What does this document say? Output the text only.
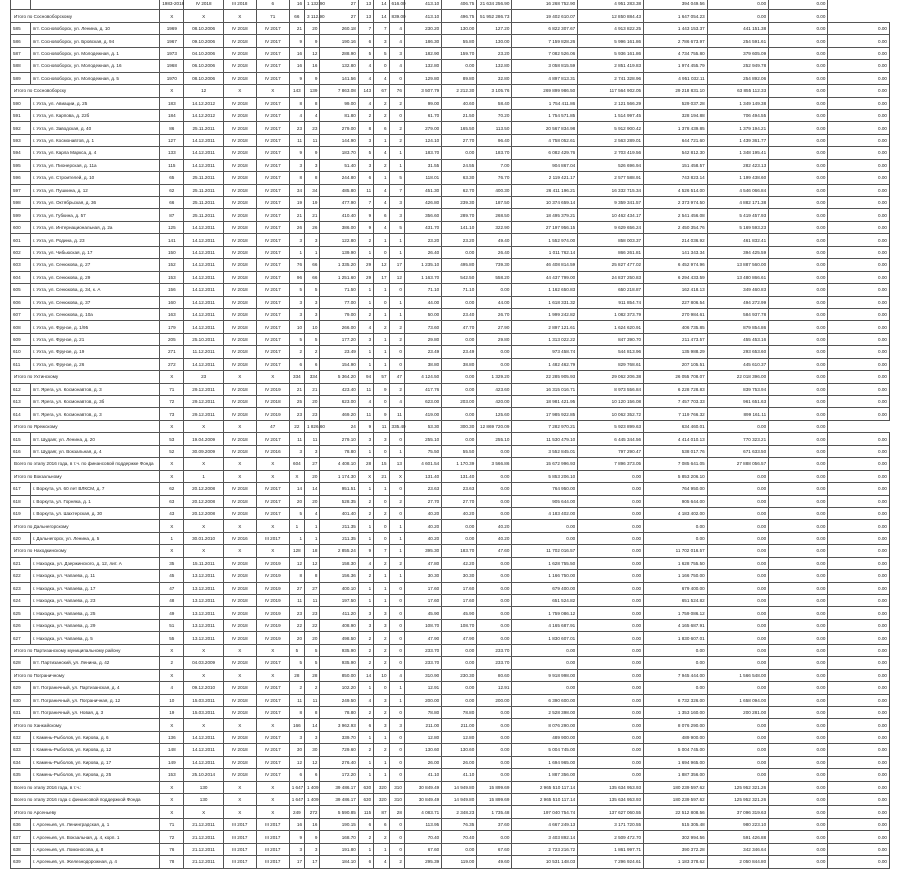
		1983-2018	IV 2018	III 2018	6	16	1 132.90	27	13	14	616.00	413.10	406.75	21 634 256.90	16 268 752.90	4 951 283.38	394 049.56	0.00	0.00	
Итого по Сосновоборскому		X	X	X	71	66	3 112.90	27	13	14	839.00	413.10	496.75	51 952 286.73	19 402 610.07	12 850 884.43	1 647 054.23	0.00	0.00	
585	пгт. Сосновоборск, ул. Ленина, д. 10	1969	08.10.2006	IV 2018	IV 2017	21	20	260.18	7	7	4	230.20	130.00	127.20	6 822 307.67	4 913 822.25	1 443 153.37	441 151.38	0.00	0.00
586	пгт. Сосновоборск, ул. Бровская, д. 94	1967	09.10.2006	IV 2018	IV 2017	9	9	190.16	6	3	4	186.30	55.80	130.00	7 159 828.26	5 996 161.86	2 786 673.97	254 591.61	0.00	0.00
587	пгт. Сосновоборск, ул. Молодежная, д. 1	1973	04.10.2006	IV 2018	IV 2017	16	12	288.90	5	5	3	182.90	159.70	23.20	7 082 526.06	5 936 161.86	4 734 755.80	379 605.09	0.00	0.00
588	пгт. Сосновоборск, ул. Молодежная, д. 16	1968	06.10.2006	IV 2018	IV 2017	16	16	132.80	4	0	4	132.80	0.00	132.80	3 058 815.59	2 851 419.83	1 974 455.79	252 949.78	0.00	0.00
589	пгт. Сосновоборск, ул. Молодежная, д. 5	1970	08.10.2006	IV 2018	IV 2017	9	9	141.56	4	4	0	129.80	89.80	32.80	4 897 813.31	2 741 328.96	4 951 032.11	254 892.06	0.00	0.00
Итого по Сосновоборску		X	12	X	X	143	139	7 863.08	143	67	76	3 507.79	2 212.30	3 105.76	269 899 986.50	117 564 902.05	29 218 831.10	63 855 112.33	0.00	0.00
590	г. Ухта, ул. Авиации, д. 25	183	14.12.2012	IV 2018	IV 2017	8	8	99.00	4	2	2	99.00	40.60	58.40	1 754 411.86	2 121 566.29	529 037.28	1 349 149.38	0.00	0.00
591	г. Ухта, ул. Карпова, д. 22б	184	14.12.2012	IV 2018	IV 2017	4	4	81.80	2	2	0	61.70	21.50	70.20	1 754 571.85	1 514 997.45	328 194.88	706 494.55	0.00	0.00
592	г. Ухта, ул. Заводская, д. 40	86	25.11.2011	IV 2018	IV 2017	23	23	279.00	8	6	2	279.00	165.50	113.50	20 567 834.98	5 912 900.42	1 378 439.85	1 379 194.21	0.00	0.00
593	г. Ухта, ул. Космонавтов, д. 1	127	14.12.2011	IV 2018	IV 2017	11	11	144.90	3	1	2	124.10	27.70	96.40	4 758 052.61	2 563 289.01	644 721.60	1 439 361.77	0.00	0.00
594	г. Ухта, ул. Карла Маркса, д. 4	133	14.12.2011	IV 2018	IV 2017	9	9	183.70	5	4	1	183.70	0.00	183.70	6 082 429.76	2 703 419.56	542 812.30	1 348 195.41	0.00	0.00
595	г. Ухта, ул. Пионерская, д. 11а	115	14.12.2011	IV 2018	IV 2017	3	3	51.40	3	2	1	31.55	24.55	7.00	904 867.04	526 696.94	151 458.57	282 423.13	0.00	0.00
596	г. Ухта, ул. Строителей, д. 10	65	25.11.2011	IV 2018	IV 2017	8	8	244.80	6	1	5	118.01	63.30	76.70	2 119 421.17	2 577 588.91	743 823.14	1 199 438.60	0.00	0.00
597	г. Ухта, ул. Пушкина, д. 12	62	25.11.2011	IV 2018	IV 2017	34	34	485.80	11	4	7	451.30	62.70	400.30	26 411 196.21	16 332 715.34	4 526 514.00	4 546 066.84	0.00	0.00
598	г. Ухта, ул. Октябрьская, д. 36	66	25.11.2011	IV 2018	IV 2017	19	19	477.90	7	4	3	426.80	239.30	187.50	10 374 659.14	9 359 341.57	2 373 974.50	4 882 171.38	0.00	0.00
599	г. Ухта, ул. Губкина, д. 57	87	25.11.2011	IV 2018	IV 2017	21	21	410.40	9	6	3	356.60	289.70	268.50	18 495 379.21	10 462 434.17	2 541 456.08	5 419 457.93	0.00	0.00
600	г. Ухта, ул. Интернациональная, д. 2а	125	14.12.2011	IV 2018	IV 2017	26	26	386.00	9	4	5	431.70	141.10	322.90	27 197 956.15	9 629 656.24	2 450 354.76	5 169 593.23	0.00	0.00
601	г. Ухта, ул. Родина, д. 23	141	14.12.2011	IV 2018	IV 2017	3	3	122.80	2	1	1	23.20	23.20	49.40	1 552 974.00	858 003.37	214 036.92	461 832.41	0.00	0.00
602	г. Ухта, ул. Чибьюская, д. 17	150	14.12.2011	IV 2018	IV 2017	1	1	139.90	1	0	1	26.40	0.00	26.40	1 011 762.14	866 261.81	141 343.34	394 425.59	0.00	0.00
603	г. Ухта, ул. Сенюкова, д. 27	152	14.12.2011	IV 2018	IV 2017	76	66	1 335.20	29	12	17	1 235.10	495.80	739.30	46 408 814.59	25 827 477.02	6 452 974.96	13 887 560.00	0.00	0.00
604	г. Ухта, ул. Сенюкова, д. 29	153	14.12.2011	IV 2018	IV 2017	96	66	1 251.60	29	17	12	1 163.70	542.50	558.20	44 437 799.00	24 837 250.83	6 294 433.59	13 480 866.61	0.00	0.00
605	г. Ухта, ул. Сенюкова, д. 34, к. А	156	14.12.2011	IV 2018	IV 2017	5	5	71.50	1	1	0	71.10	71.10	0.00	1 162 650.83	650 218.87	162 418.13	349 460.83	0.00	0.00
606	г. Ухта, ул. Сенюкова, д. 37	160	14.12.2011	IV 2018	IV 2017	3	3	77.00	1	0	1	44.00	0.00	44.00	1 618 331.32	911 854.74	227 806.54	494 272.99	0.00	0.00
607	г. Ухта, ул. Сенюкова, д. 10а	163	14.12.2011	IV 2018	IV 2017	3	3	79.00	2	1	1	50.00	23.40	26.70	1 999 242.82	1 082 373.79	270 984.61	584 937.78	0.00	0.00
608	г. Ухта, ул. Фрунзе, д. 1/95	179	14.12.2011	IV 2018	IV 2017	10	10	266.00	4	2	2	73.60	47.70	27.90	2 897 121.61	1 624 620.91	406 735.85	879 854.86	0.00	0.00
609	г. Ухта, ул. Фрунзе, д. 21	205	25.10.2011	IV 2018	IV 2017	5	5	177.20	3	1	2	29.80	0.00	29.80	1 313 022.22	847 390.70	211 473.57	455 453.16	0.00	0.00
610	г. Ухта, ул. Фрунзе, д. 19	271	11.12.2011	IV 2018	IV 2017	2	2	23.49	1	1	0	23.49	23.49	0.00	973 458.74	544 813.96	135 988.29	293 653.60	0.00	0.00
611	г. Ухта, ул. Фрунзе, д. 26	272	14.12.2011	IV 2018	IV 2017	6	6	154.90	1	1	0	38.80	38.80	0.00	1 482 462.79	829 768.61	207 105.51	445 610.37	0.00	0.00
Итого по Ухтинскому		X	23	X	X	334	334	5 364.20	94	57	47	4 124.50	0.00	1 329.20	22 285 905.93	29 062 206.38	26 055 708.07	22 018 396.00	0.00	0.00
612	пгт. Ярега, ул. Космонавтов, д. 3	71	29.12.2011	IV 2018	IV 2019	21	21	423.40	11	9	2	417.76	0.00	423.60	16 315 016.71	8 973 556.84	6 228 728.83	839 753.94	0.00	0.00
613	пгт. Ярега, ул. Космонавтов, д. 3б	72	29.12.2011	IV 2018	IV 2018	25	20	623.00	4	0	4	623.00	203.00	420.00	18 981 421.95	10 120 156.08	7 457 703.33	961 651.63	0.00	0.00
614	пгт. Ярега, ул. Космонавтов, д. 3	73	29.12.2011	IV 2018	IV 2019	23	23	469.20	11	9	11	419.00	0.00	125.60	17 985 922.85	10 062 352.72	7 119 766.32	899 161.11	0.00	0.00
Итого по Ярежскому		X	X	X	47	22	1 826.60	24	9	11	335.40	53.30	300.30	12 869 720.09	7 282 970.21	5 923 899.63	634 460.01	0.00	0.00	
615	пгт. Шудаяг, ул. Ленина, д. 20	53	19.04.2009	IV 2018	IV 2017	11	11	279.10	3	3	0	255.10	0.00	255.10	11 530 479.10	6 445 344.56	4 414 010.13	770 323.21	0.00	0.00
616	пгт. Шудаяг, ул. Вокзальная, д. 4	52	30.09.2009	IV 2018	IV 2016	3	3	78.80	1	0	1	75.50	55.50	0.00	3 552 845.01	797 290.47	538 017.76	671 633.50	0.00	0.00
Всего по этапу 2016 года, в т.ч. по финансовой поддержке Фонда		X	X	X	X	604	27	4 408.10	28	15	13	4 601.54	1 170.39	3 566.86	15 672 996.93	7 896 373.05	7 085 641.05	27 888 056.57	0.00	0.00
Итого по Вокзальному		X	1	X	X	X	20	1 174.30	X	21	X	131.40	131.40	0.00	5 853 206.10	0.00	5 853 206.10	0.00	0.00	0.00
617	г. Воркута, ул. 60 лет ВЛКСМ, д. 7	62	20.12.2008	IV 2018	IV 2017	14	14	951.51	1	1	0	23.63	23.63	0.00	764 950.00	0.00	764 950.00	0.00	0.00	0.00
618	г. Воркута, ул. Горняка, д. 1	63	20.12.2008	IV 2018	IV 2017	20	20	528.35	2	0	2	27.70	27.70	0.00	905 644.00	0.00	905 644.00	0.00	0.00	0.00
619	г. Воркута, ул. Шахтерская, д. 30	43	20.12.2008	IV 2018	IV 2017	5	4	401.40	2	2	0	40.20	40.20	0.00	4 183 402.00	0.00	4 183 402.00	0.00	0.00	0.00
Итого по Дальнегорскому		X	X	X	X	1	1	211.35	1	0	1	40.20	0.00	40.20	0.00	0.00	0.00	0.00	0.00	0.00
620	г. Дальнегорск, ул. Ленина, д. 5	1	30.01.2010	IV 2016	III 2017	1	1	211.35	1	0	1	40.20	0.00	40.20	0.00	0.00	0.00	0.00	0.00	0.00
Итого по Находкинскому		X	X	X	X	128	18	2 855.24	9	7	1	395.30	183.70	47.60	11 702 016.57	0.00	11 702 016.57	0.00	0.00	0.00
621	г. Находка, ул. Дзержинского, д. 12, лит. А	35	15.11.2011	IV 2018	IV 2019	12	12	158.30	4	2	2	47.80	42.20	0.00	1 628 755.50	0.00	1 628 755.50	0.00	0.00	0.00
622	г. Находка, ул. Чапаева, д. 11	45	13.12.2011	IV 2018	IV 2019	8	8	156.36	2	1	1	30.30	30.30	0.00	1 166 750.00	0.00	1 166 750.00	0.00	0.00	0.00
623	г. Находка, ул. Чапаева, д. 17	47	13.12.2011	IV 2018	IV 2019	27	27	400.10	1	1	0	17.60	17.60	0.00	679 400.00	0.00	679 400.00	0.00	0.00	0.00
624	г. Находка, ул. Чапаева, д. 23	48	13.12.2011	IV 2018	IV 2019	11	11	197.50	1	1	0	17.60	17.60	0.00	651 524.82	0.00	651 524.82	0.00	0.00	0.00
625	г. Находка, ул. Чапаева, д. 25	49	13.12.2011	IV 2018	IV 2019	23	23	411.20	3	3	0	45.90	45.90	0.00	1 759 086.12	0.00	1 759 086.12	0.00	0.00	0.00
626	г. Находка, ул. Чапаева, д. 29	51	13.12.2011	IV 2018	IV 2019	22	22	408.90	3	3	0	108.70	108.70	0.00	4 165 687.91	0.00	4 165 687.91	0.00	0.00	0.00
627	г. Находка, ул. Чапаева, д. 5	55	13.12.2011	IV 2018	IV 2019	20	20	498.50	2	2	0	47.90	47.90	0.00	1 830 607.01	0.00	1 830 607.01	0.00	0.00	0.00
Итого по Партизанскому муниципальному району		X	X	X	X	5	5	935.90	2	2	0	233.70	0.00	233.70	0.00	0.00	0.00	0.00	0.00	0.00
628	пгт. Партизанский, ул. Ленина, д. 42	2	04.03.2009	IV 2018	IV 2017	5	5	935.90	2	2	0	233.70	0.00	233.70	0.00	0.00	0.00	0.00	0.00	0.00
Итого по Пограничному		X	X	X	X	28	28	850.00	14	10	4	310.90	230.30	80.60	9 918 998.00	0.00	7 945 444.00	1 566 548.00	0.00	0.00
629	пгт. Пограничный, ул. Партизанская, д. 4	4	09.12.2010	IV 2018	IV 2017	2	2	102.20	1	0	1	12.91	0.00	12.91	0.00	0.00	0.00	0.00	0.00	0.00
630	пгт. Пограничный, ул. Пограничная, д. 12	10	15.03.2011	IV 2018	IV 2017	11	11	249.50	4	3	1	200.00	0.00	200.00	6 390 600.00	0.00	6 732 326.00	1 658 094.00	0.00	0.00
631	пгт. Пограничный, ул. Новая, д. 3	19	15.03.2011	IV 2018	IV 2017	8	8	78.80	2	2	0	78.80	78.80	0.00	2 528 398.00	0.00	1 353 160.00	200 281.00	0.00	0.00
Итого по Ханкайскому		X	X	X	X	166	14	3 962.93	6	3	3	211.00	211.00	0.00	8 076 290.00	0.00	8 076 290.00	0.00	0.00	0.00
632	г. Камень-Рыболов, ул. Кирова, д. 6	136	14.12.2011	IV 2018	IV 2017	3	3	339.70	1	1	0	12.80	12.80	0.00	489 900.00	0.00	489 900.00	0.00	0.00	0.00
633	г. Камень-Рыболов, ул. Кирова, д. 12	148	14.12.2011	IV 2018	IV 2017	30	30	729.60	2	2	0	130.60	130.60	0.00	5 004 745.00	0.00	5 004 745.00	0.00	0.00	0.00
634	г. Камень-Рыболов, ул. Кирова, д. 17	149	14.12.2011	IV 2018	IV 2017	12	12	276.40	1	1	0	26.00	26.00	0.00	1 694 965.00	0.00	1 694 965.00	0.00	0.00	0.00
635	г. Камень-Рыболов, ул. Кирова, д. 25	153	25.10.2014	IV 2018	IV 2017	6	6	172.20	1	1	0	41.10	41.10	0.00	1 887 356.00	0.00	1 887 356.00	0.00	0.00	0.00
Всего по этапу 2016 года, в т.ч.:		X	130	X	X	1 647	1 409	39 486.17	630	320	310	30 849.49	14 949.80	15 899.69	2 965 510 117.14	135 634 953.93	180 239 597.62	125 952 321.26	0.00	0.00
Всего по этапу 2016 года с финансовой поддержкой Фонда		X	130	X	X	1 647	1 409	39 486.17	630	320	310	30 849.49	14 949.80	15 899.69	2 965 510 117.14	135 634 953.93	180 239 597.62	125 952 321.26	0.00	0.00
Итого по Арсеньеву		X	X	X	X	249	272	5 590.85	115	87	28	4 083.71	2 348.23	1 735.48	197 040 754.74	137 627 060.55	22 512 808.56	37 096 319.63	0.00	0.00
636	г. Арсеньев, ул. Ленинградская, д. 1	71	21.12.2011	III 2017	III 2017	16	16	190.15	6	6	0	113.95	76.35	37.60	4 667 249.13	3 171 720.55	515 305.48	980 223.10	0.00	0.00
637	г. Арсеньев, ул. Вокзальная, д. 4, корп. 1	72	21.12.2011	III 2017	III 2017	9	9	168.70	2	2	0	70.40	70.40	0.00	3 403 892.14	2 509 472.70	302 994.56	591 426.88	0.00	0.00
638	г. Арсеньев, ул. Ломоносова, д. 8	76	21.12.2011	III 2017	III 2017	3	3	191.80	1	1	0	67.60	0.00	67.60	2 723 216.72	1 861 997.71	390 372.28	342 346.64	0.00	0.00
639	г. Арсеньев, ул. Железнодорожная, д. 4	78	21.12.2011	III 2017	III 2017	17	17	184.10	6	4	2	295.39	119.00	49.60	10 531 148.03	7 296 924.61	1 183 378.62	2 050 844.80	0.00	0.00
